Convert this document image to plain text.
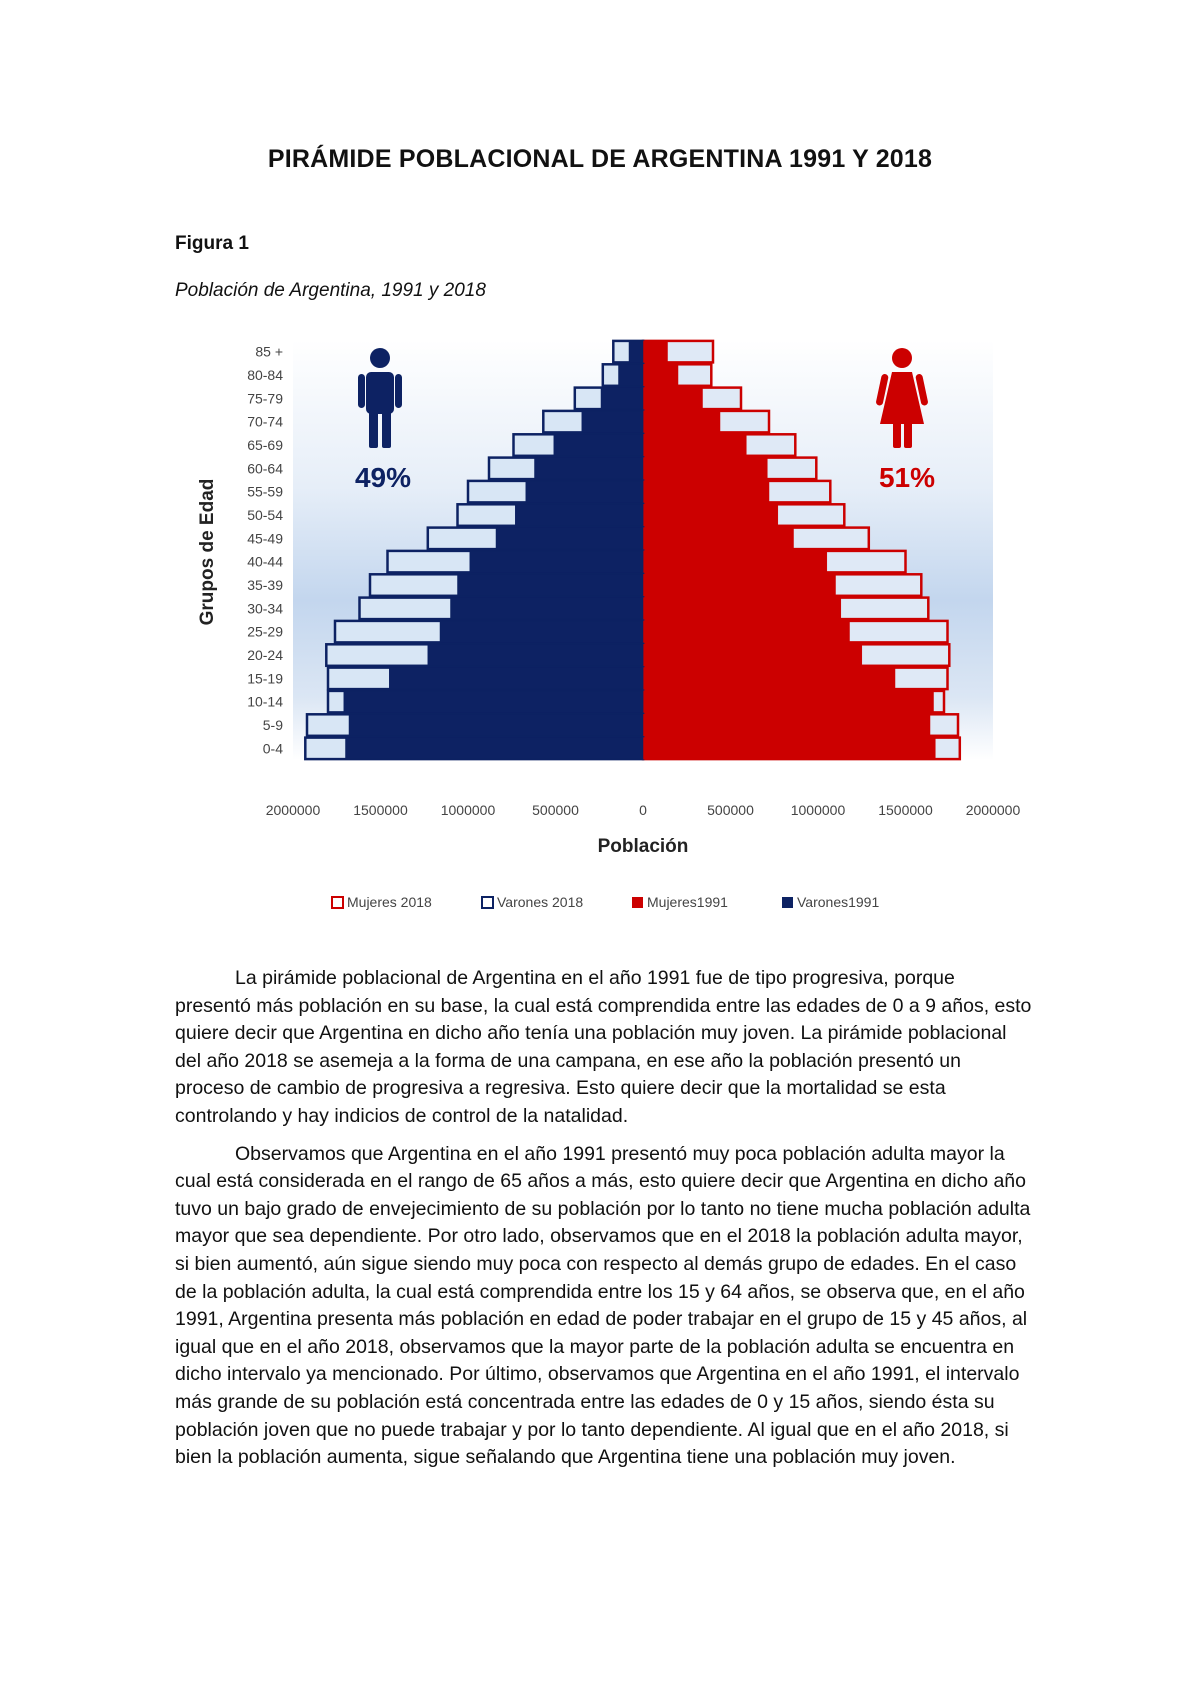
PIRÁMIDE POBLACIONAL DE ARGENTINA 1991 Y 2018
Figura 1
Población de Argentina, 1991 y 2018
0-4
5-9
10-14
15-19
20-24
25-29
30-34
35-39
40-44
45-49
50-54
55-59
60-64
65-69
70-74
75-79
80-84
85 +
2000000 1500000 1000000	500000	0	500000	1000000 1500000 2000000
Grupos de Edad
Población
49%	51%
Mujeres 2018	Varones 2018	Mujeres1991	Varones1991

La pirámide poblacional de Argentina en el año 1991 fue de tipo progresiva, porque presentó más población en su base, la cual está comprendida entre las edades de 0 a 9 años, esto quiere decir que Argentina en dicho año tenía una población muy joven. La pirámide poblacional del año 2018 se asemeja a la forma de una campana, en ese año la población presentó un proceso de cambio de progresiva a regresiva. Esto quiere decir que la mortalidad se esta controlando y hay indicios de control de la natalidad.

Observamos que Argentina en el año 1991 presentó muy poca población adulta mayor la cual está considerada en el rango de 65 años a más, esto quiere decir que Argentina en dicho año tuvo un bajo grado de envejecimiento de su población por lo tanto no tiene mucha población adulta mayor que sea dependiente. Por otro lado, observamos que en el 2018 la población adulta mayor, si bien aumentó, aún sigue siendo muy poca con respecto al demás grupo de edades. En el caso de la población adulta, la cual está comprendida entre los 15 y 64 años, se observa que, en el año 1991, Argentina presenta más población en edad de poder trabajar en el grupo de 15 y 45 años, al igual que en el año 2018, observamos que la mayor parte de la población adulta se encuentra en dicho intervalo ya mencionado. Por último, observamos que Argentina en el año 1991, el intervalo más grande de su población está concentrada entre las edades de 0 y 15 años, siendo ésta su población joven que no puede trabajar y por lo tanto dependiente. Al igual que en el año 2018, si bien la población aumenta, sigue señalando que Argentina tiene una población muy joven.
